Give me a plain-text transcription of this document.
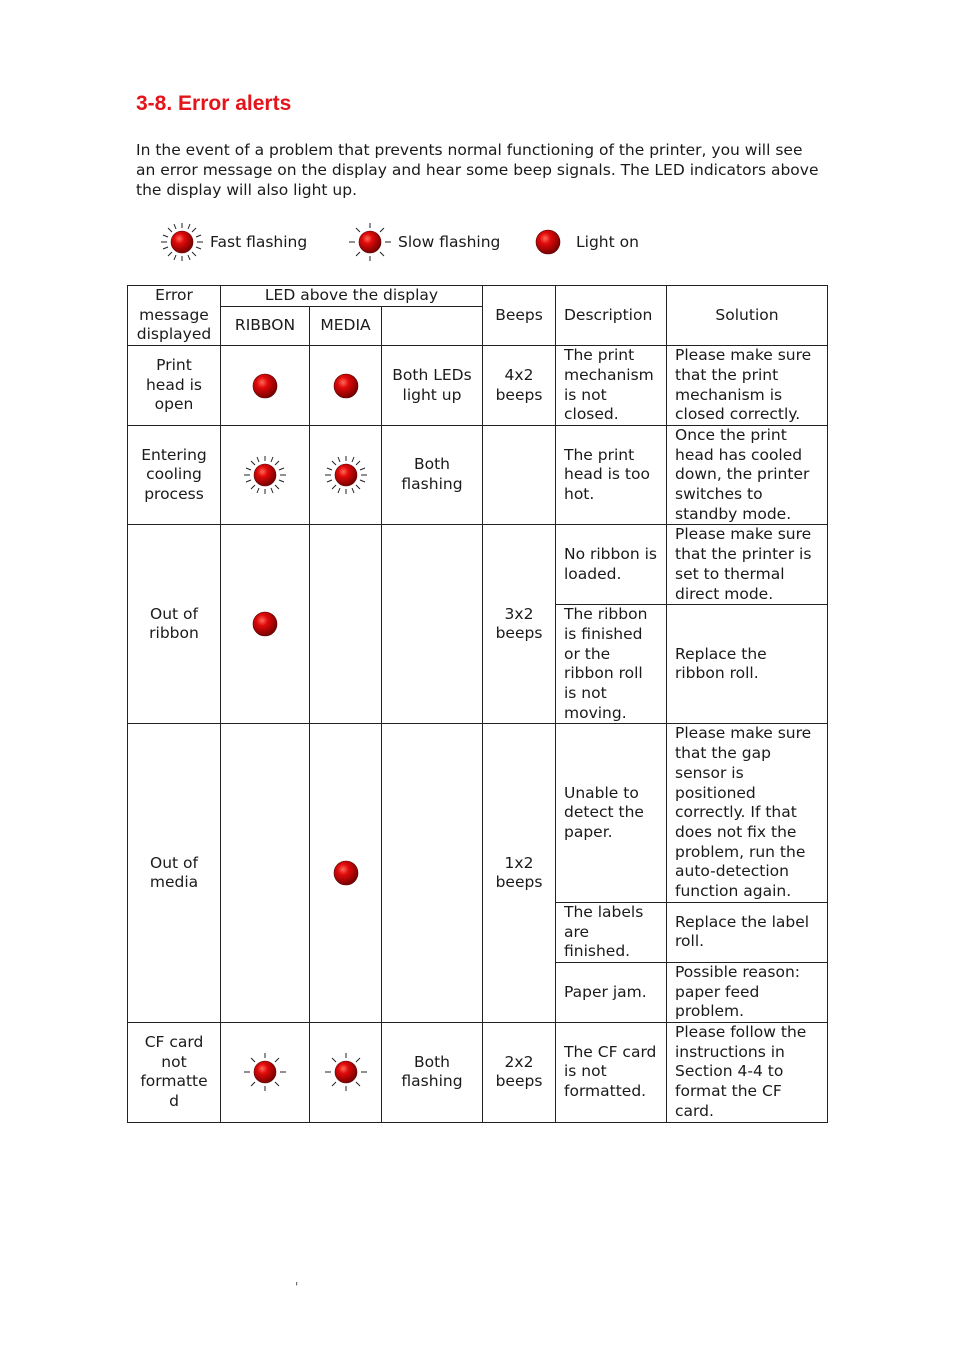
3-8. Error alerts

In the event of a problem that prevents normal functioning of the printer, you will see an error message on the display and hear some beep signals. The LED indicators above the display will also light up.

Fast flashing	Slow flashing	Light on
Error message displayed	LED above the display			Beeps	Description	Solution
	RIBBON	MEDIA				
Print head is open			Both LEDs light up	4x2 beeps	The print mechanism is not closed.	Please make sure that the print mechanism is closed correctly.
Entering cooling process			Both flashing		The print head is too hot.	Once the print head has cooled down, the printer switches to standby mode.
Out of ribbon				3x2 beeps	No ribbon is loaded.	Please make sure that the printer is set to thermal direct mode.
					The ribbon is finished or the ribbon roll is not moving.	Replace the ribbon roll.
Out of media				1x2 beeps	Unable to detect the paper.	Please make sure that the gap sensor is positioned correctly. If that does not fix the problem, run the auto-detection function again.
					The labels are finished.	Replace the label roll.
					Paper jam.	Possible reason: paper feed problem.
CF card not formatte d			Both flashing	2x2 beeps	The CF card is not formatted.	Please follow the instructions in Section 4-4 to format the CF card.
'
